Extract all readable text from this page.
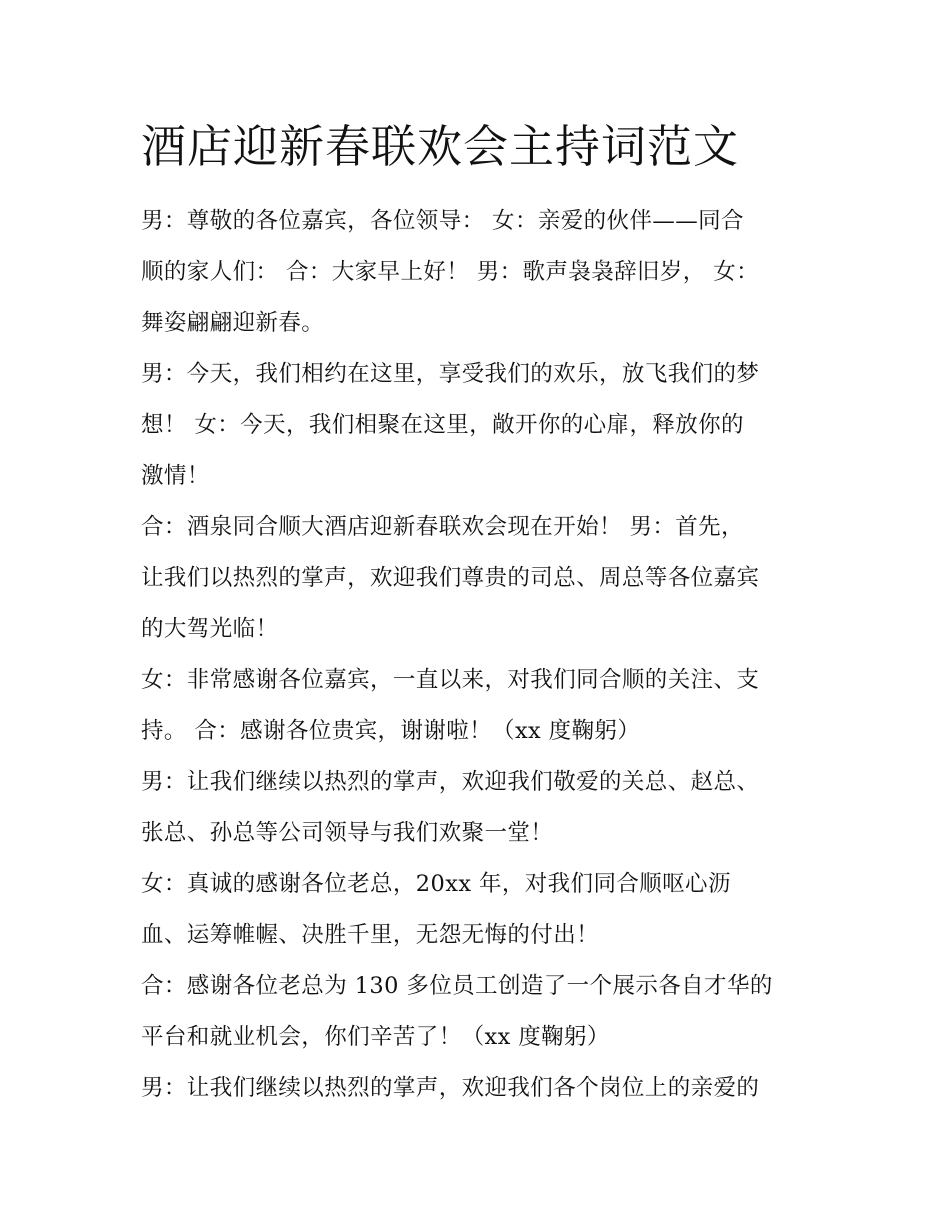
酒店迎新春联欢会主持词范文
男：尊敬的各位嘉宾，各位领导： 女：亲爱的伙伴——同合
顺的家人们： 合：大家早上好！ 男：歌声袅袅辞旧岁， 女：
舞姿翩翩迎新春。
男：今天，我们相约在这里，享受我们的欢乐，放飞我们的梦
想！ 女：今天，我们相聚在这里，敞开你的心扉，释放你的
激情！
合：酒泉同合顺大酒店迎新春联欢会现在开始！ 男：首先，
让我们以热烈的掌声，欢迎我们尊贵的司总、周总等各位嘉宾
的大驾光临！
女：非常感谢各位嘉宾，一直以来，对我们同合顺的关注、支
持。 合：感谢各位贵宾，谢谢啦！（xx 度鞠躬）
男：让我们继续以热烈的掌声，欢迎我们敬爱的关总、赵总、
张总、孙总等公司领导与我们欢聚一堂！
女：真诚的感谢各位老总，20xx 年，对我们同合顺呕心沥
血、运筹帷幄、决胜千里，无怨无悔的付出！
合：感谢各位老总为 130 多位员工创造了一个展示各自才华的
平台和就业机会，你们辛苦了！（xx 度鞠躬）
男：让我们继续以热烈的掌声，欢迎我们各个岗位上的亲爱的
